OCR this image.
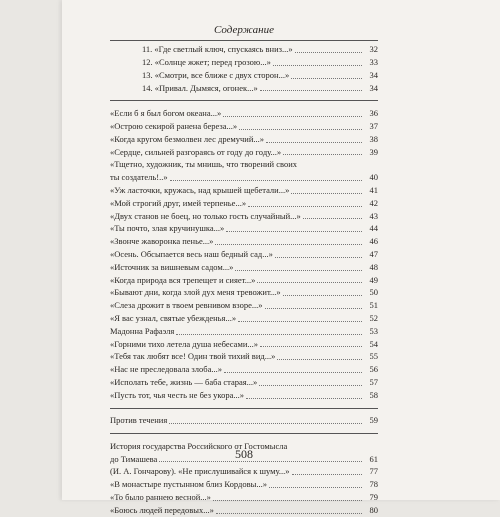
Содержание
11. «Где светлый ключ, спускаясь вниз...»	32
12. «Солнце жжет; перед грозою...»	33
13. «Смотри, все ближе с двух сторон...»	34
14. «Привал. Дымяся, огонек...»	34
«Если б я был богом океана...»	36
«Острою секирой ранена береза...»	37
«Когда кругом безмолвен лес дремучий...»	38
«Сердце, сильней разгораясь от году до году...»	39
«Тщетно, художник, ты мнишь, что творений своих
ты создатель!..»	40
«Уж ласточки, кружась, над крышей щебетали...»	41
«Мой строгий друг, имей терпенье...»	42
«Двух станов не боец, но только гость случайный...»	43
«Ты почто, злая кручинушка...»	44
«Звонче жаворонка пенье...»	46
«Осень. Обсыпается весь наш бедный сад...»	47
«Источник за вишневым садом...»	48
«Когда природа вся трепещет и сияет...»	49
«Бывают дни, когда злой дух меня тревожит...»	50
«Слеза дрожит в твоем ревнивом взоре...»	51
«Я вас узнал, святые убежденья...»	52
Мадонна Рафаэля	53
«Горними тихо летела душа небесами...»	54
«Тебя так любят все! Один твой тихий вид...»	55
«Нас не преследовала злоба...»	56
«Исполать тебе, жизнь — баба старая...»	57
«Пусть тот, чья честь не без укора...»	58
Против течения	59
История государства Российского от Гостомысла
до Тимашева	61
(И. А. Гончарову). «Не прислушивайся к шуму...»	77
«В монастыре пустынном близ Кордовы...»	78
«То было раннею весной...»	79
«Боюсь людей передовых...»	80
508
